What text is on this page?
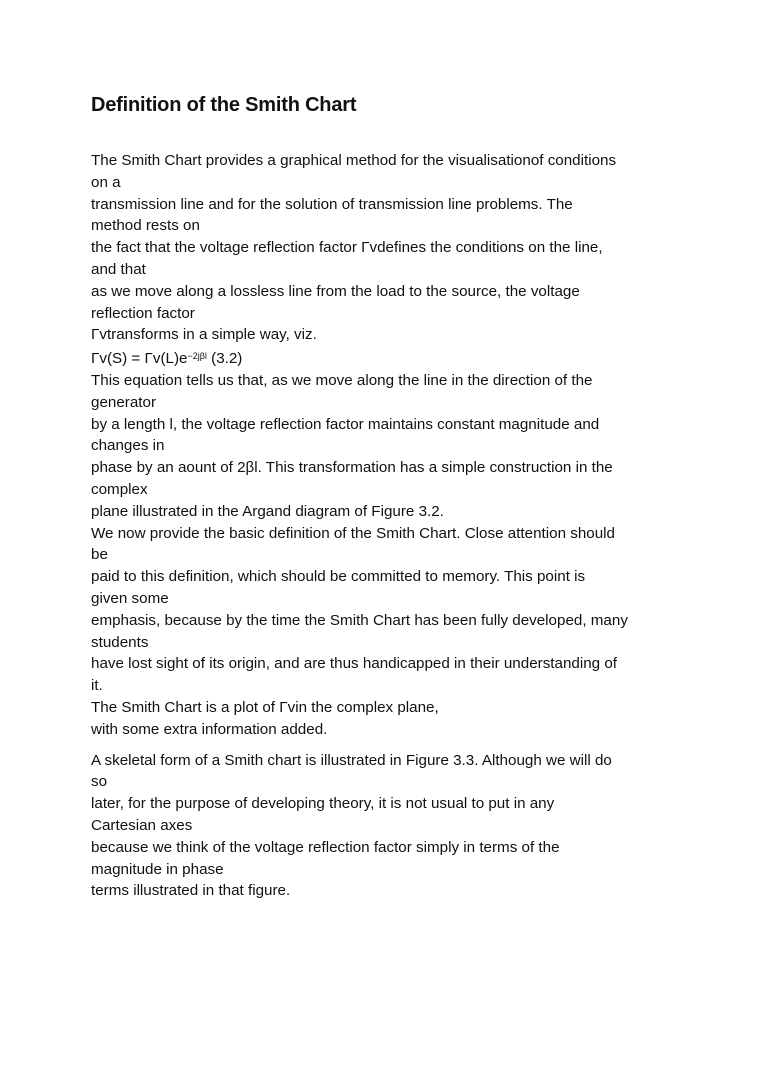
Definition of the Smith Chart
The Smith Chart provides a graphical method for the visualisationof conditions
on a
transmission line and for the solution of transmission line problems. The
method rests on
the fact that the voltage reflection factor Γvdefines the conditions on the line,
and that
as we move along a lossless line from the load to the source, the voltage
reflection factor
Γvtransforms in a simple way, viz.
$\Gamma v(S) = \Gamma v(L)e^{-2j\beta l}$ (3.2)
This equation tells us that, as we move along the line in the direction of the
generator
by a length l, the voltage reflection factor maintains constant magnitude and
changes in
phase by an aount of 2βl. This transformation has a simple construction in the
complex
plane illustrated in the Argand diagram of Figure 3.2.
We now provide the basic definition of the Smith Chart. Close attention should
be
paid to this definition, which should be committed to memory. This point is
given some
emphasis, because by the time the Smith Chart has been fully developed, many
students
have lost sight of its origin, and are thus handicapped in their understanding of
it.
The Smith Chart is a plot of Γvin the complex plane,
with some extra information added.
A skeletal form of a Smith chart is illustrated in Figure 3.3. Although we will do
so
later, for the purpose of developing theory, it is not usual to put in any
Cartesian axes
because we think of the voltage reflection factor simply in terms of the
magnitude in phase
terms illustrated in that figure.
